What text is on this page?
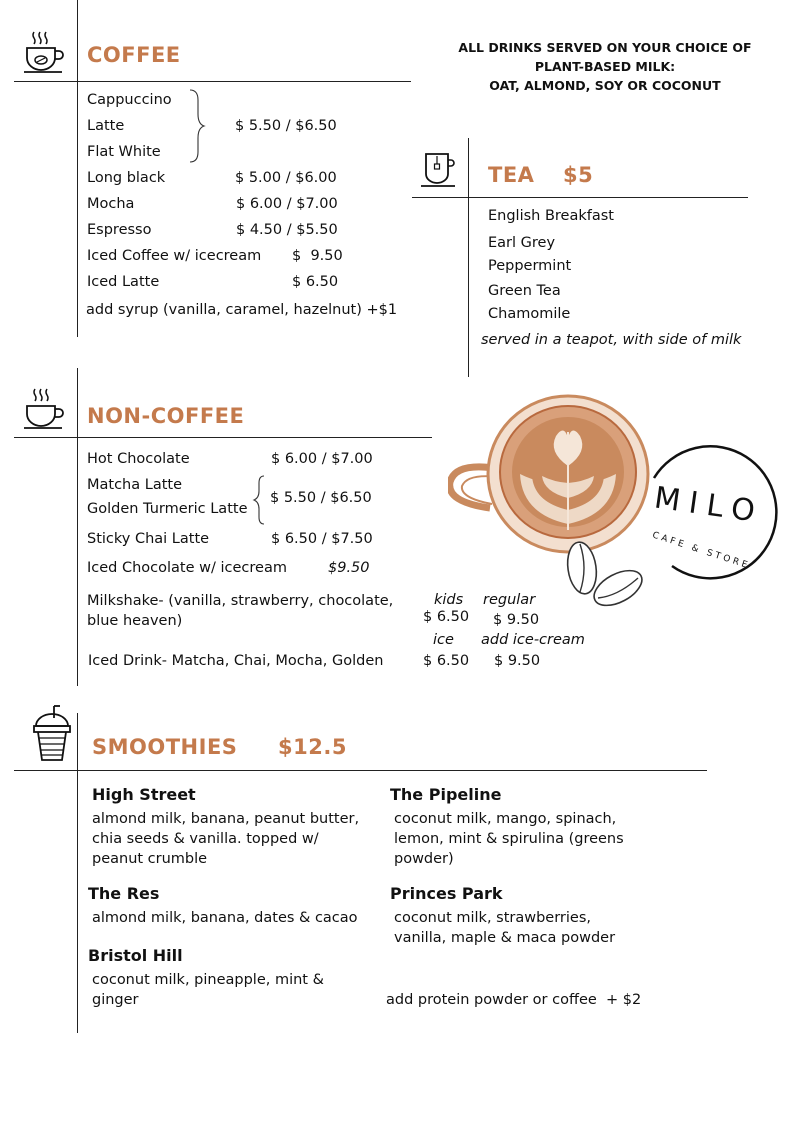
COFFEE
Cappuccino
Latte
Flat White
$ 5.50 / $6.50
Long black	$ 5.00 / $6.00
Mocha	$ 6.00 / $7.00
Espresso	$ 4.50 / $5.50
Iced Coffee w/ icecream $  9.50
Iced Latte	$ 6.50
add syrup (vanilla, caramel, hazelnut) +$1
ALL DRINKS SERVED ON YOUR CHOICE OF
PLANT-BASED MILK:
OAT, ALMOND, SOY OR COCONUT
TEA $5
English Breakfast
Earl Grey
Peppermint
Green Tea
Chamomile
served in a teapot, with side of milk
NON-COFFEE
Hot Chocolate	$ 6.00 / $7.00
Matcha Latte
Golden Turmeric Latte
$ 5.50 / $6.50
Sticky Chai Latte	$ 6.50 / $7.50
Iced Chocolate w/ icecream	$9.50
Milkshake- (vanilla, strawberry, chocolate,
blue heaven)
kids regular
$ 6.50 $ 9.50
ice add ice-cream
Iced Drink- Matcha, Chai, Mocha, Golden	$ 6.50 $ 9.50
MILO
CAFE & STORE
SMOOTHIES $12.5
High Street
almond milk, banana, peanut butter,
chia seeds & vanilla. topped w/
peanut crumble
The Pipeline
coconut milk, mango, spinach,
lemon, mint & spirulina (greens
powder)
The Res
almond milk, banana, dates & cacao
Princes Park
coconut milk, strawberries,
vanilla, maple & maca powder
Bristol Hill
coconut milk, pineapple, mint &
ginger	add protein powder or coffee  + $2
